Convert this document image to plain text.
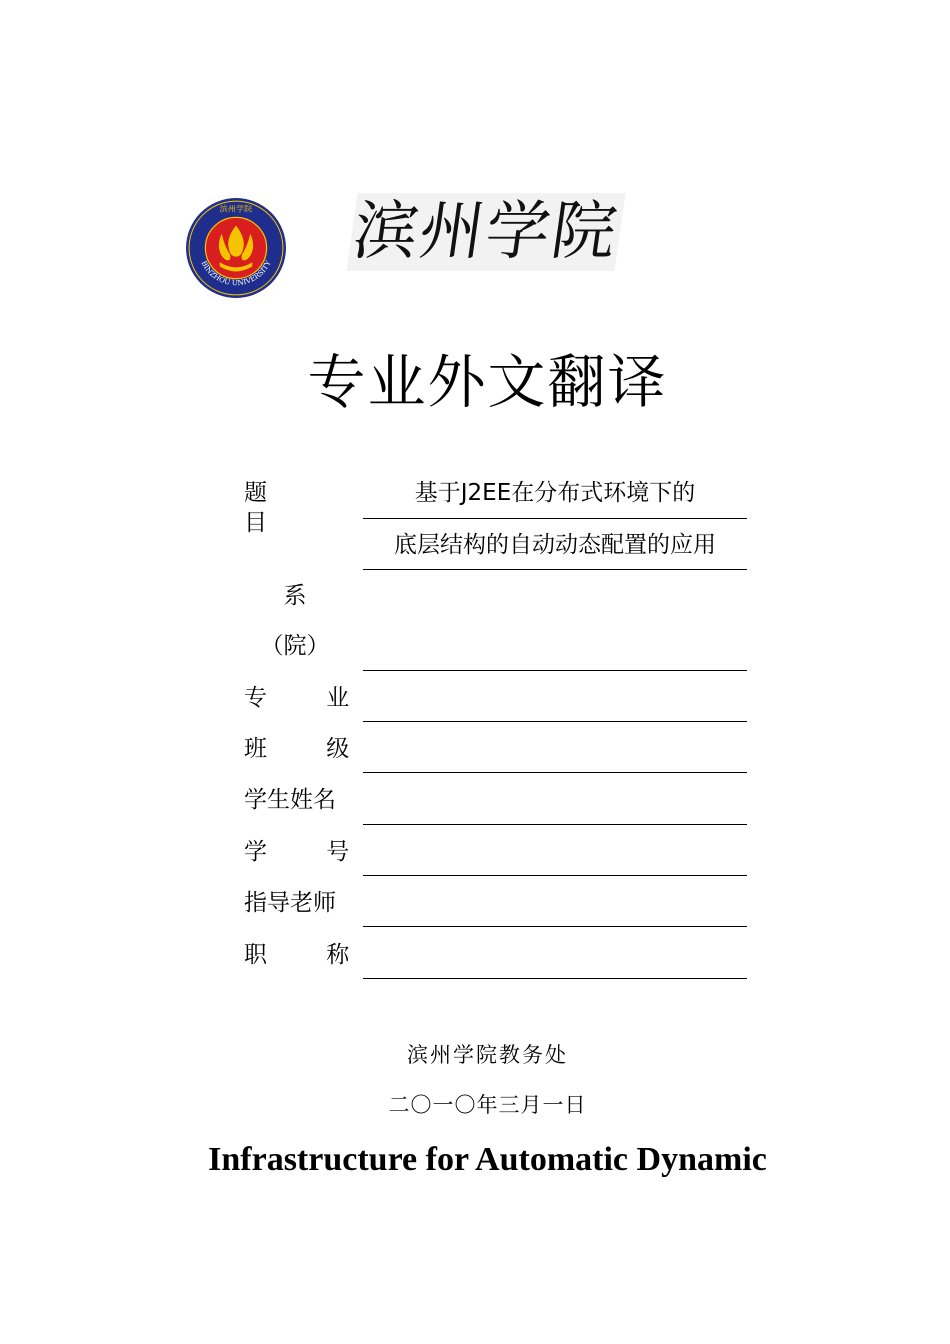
滨州学院
BINZHOU UNIVERSITY 滨州学院
专业外文翻译
题 目
基于J2EE在分布式环境下的
底层结构的自动动态配置的应用
系
（院）
专 业
班 级
学生姓名
学 号
指导老师
职 称
滨州学院教务处
二〇一〇年三月一日
Infrastructure for Automatic Dynamic
